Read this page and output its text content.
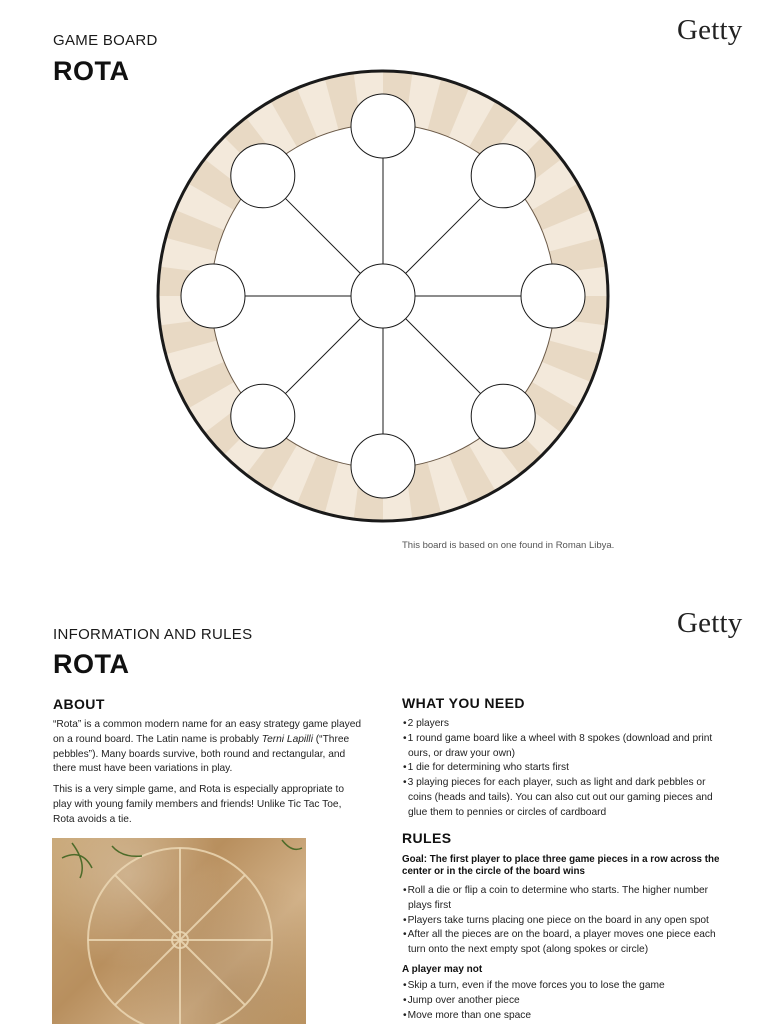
GAME BOARD
ROTA
Getty
This board is based on one found in Roman Libya.
INFORMATION AND RULES
ROTA
Getty
ABOUT

“Rota” is a common modern name for an easy strategy game played on a round board. The Latin name is probably Terni Lapilli (“Three pebbles”). Many boards survive, both round and rectangular, and there must have been variations in play.

This is a very simple game, and Rota is especially appropriate to play with young family members and friends! Unlike Tic Tac Toe, Rota avoids a tie.

WHAT YOU NEED
• 2 players
• 1 round game board like a wheel with 8 spokes (download and print ours, or draw your own)
• 1 die for determining who starts first
• 3 playing pieces for each player, such as light and dark pebbles or coins (heads and tails). You can also cut out our gaming pieces and glue them to pennies or circles of cardboard
RULES
Goal: The first player to place three game pieces in a row across the center or in the circle of the board wins
• Roll a die or flip a coin to determine who starts. The higher number plays first
• Players take turns placing one piece on the board in any open spot
• After all the pieces are on the board, a player moves one piece each turn onto the next empty spot (along spokes or circle)
A player may not
• Skip a turn, even if the move forces you to lose the game
• Jump over another piece
• Move more than one space
